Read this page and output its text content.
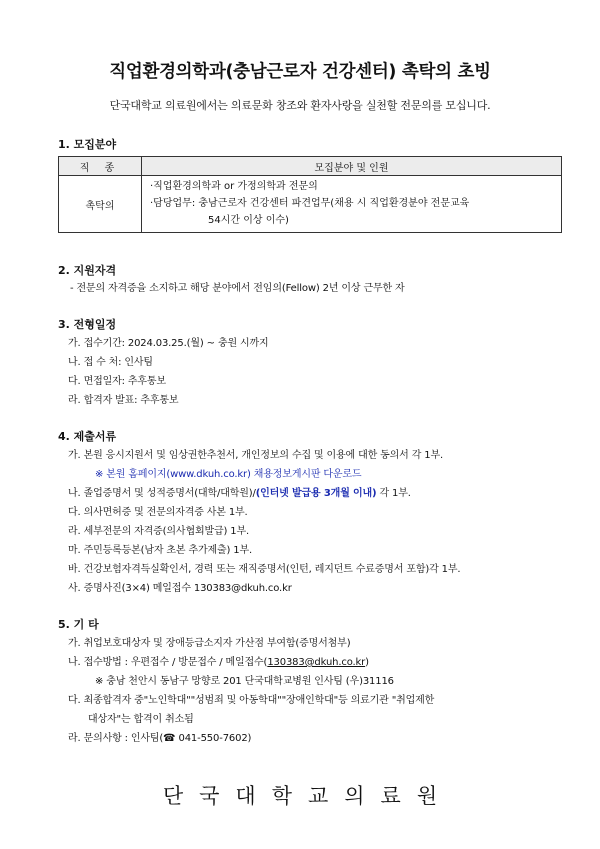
직업환경의학과(충남근로자 건강센터) 촉탁의 초빙
단국대학교 의료원에서는 의료문화 창조와 환자사랑을 실천할 전문의를 모십니다.
1. 모집분야
직 종	모집분야 및 인원
촉탁의	·직업환경의학과 or 가정의학과 전문의
·담당업무: 충남근로자 건강센터 파견업무(채용 시 직업환경분야 전문교육
54시간 이상 이수)
2. 지원자격
- 전문의 자격증을 소지하고 해당 분야에서 전임의(Fellow) 2년 이상 근무한 자
3. 전형일정
가. 접수기간: 2024.03.25.(월) ~ 충원 시까지
나. 접 수 처: 인사팀
다. 면접일자: 추후통보
라. 합격자 발표: 추후통보
4. 제출서류
가. 본원 응시지원서 및 임상권한추천서, 개인정보의 수집 및 이용에 대한 동의서 각 1부.
※ 본원 홈페이지(www.dkuh.co.kr) 채용정보게시판 다운로드
나. 졸업증명서 및 성적증명서(대학/대학원)/(인터넷 발급용 3개월 이내) 각 1부.
다. 의사면허증 및 전문의자격증 사본 1부.
라. 세부전문의 자격증(의사협회발급) 1부.
마. 주민등록등본(남자 초본 추가제출) 1부.
바. 건강보험자격득실확인서, 경력 또는 재직증명서(인턴, 레지던트 수료증명서 포함)각 1부.
사. 증명사진(3×4) 메일접수 130383@dkuh.co.kr
5. 기 타
가. 취업보호대상자 및 장애등급소지자 가산점 부여함(증명서첨부)
나. 접수방법 : 우편접수 / 방문접수 / 메일접수(130383@dkuh.co.kr)
※ 충남 천안시 동남구 망향로 201 단국대학교병원 인사팀 (우)31116
다. 최종합격자 중"노인학대""성범죄 및 아동학대""장애인학대"등 의료기관 "취업제한
대상자"는 합격이 취소됨
라. 문의사항 : 인사팀(☎ 041-550-7602)
단국대학교의료원
